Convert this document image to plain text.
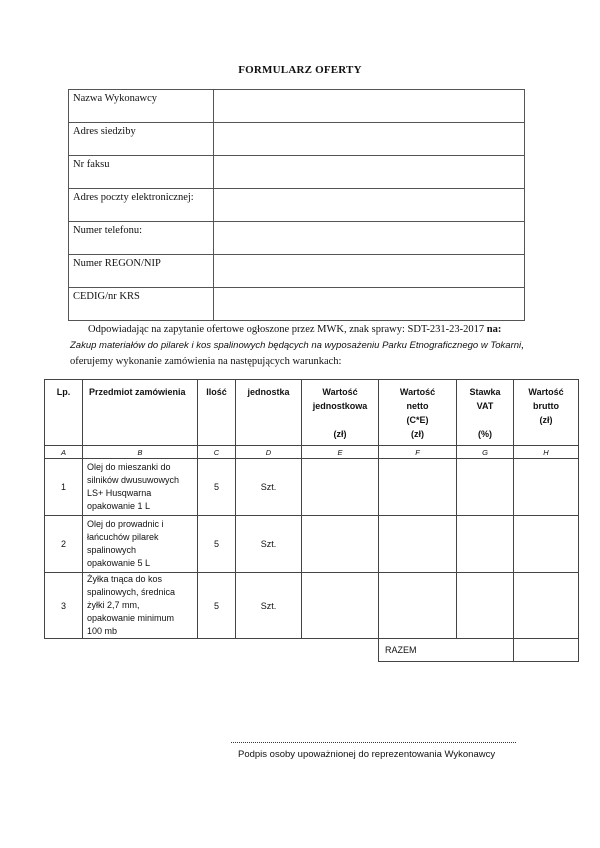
FORMULARZ OFERTY
Nazwa Wykonawcy	
Adres siedziby	
Nr faksu	
Adres poczty elektronicznej:	
Numer telefonu:	
Numer REGON/NIP	
CEDIG/nr KRS	
Odpowiadając na zapytanie ofertowe ogłoszone przez MWK, znak sprawy: SDT-231-23-2017 na:
Zakup materiałów do pilarek i kos spalinowych będących na wyposażeniu Parku Etnograficznego w Tokarni, oferujemy wykonanie zamówienia na następujących warunkach:
Lp.	Przedmiot zamówienia	Ilość	jednostka	Wartość
jednostkowa

(zł)	Wartość
netto
(C*E)
(zł)	Stawka
VAT

(%)	Wartość
brutto
(zł)
A	B	C	D	E	F	G	H
1	Olej do mieszanki do
silników dwusuwowych
LS+ Husqwarna
opakowanie 1 L	5	Szt.				
2	Olej do prowadnic i
łańcuchów pilarek
spalinowych
opakowanie 5 L	5	Szt.				
3	Żyłka tnąca do kos
spalinowych, średnica
żyłki 2,7 mm,
opakowanie minimum
100 mb	5	Szt.				
					RAZEM		
Podpis osoby upoważnionej do reprezentowania Wykonawcy
